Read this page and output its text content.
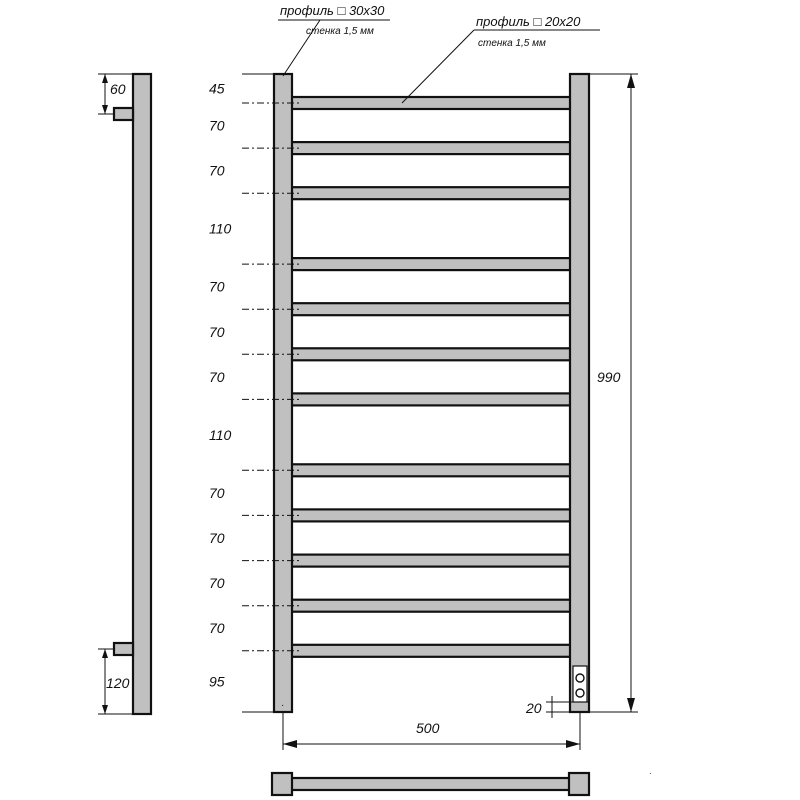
60
120
·
45
70
70
110
70
70
70
110
70
70
70
70
95
профиль □ 30x30
стенка 1,5 мм
профиль □ 20x20
стенка 1,5 мм
990
500
20
·
